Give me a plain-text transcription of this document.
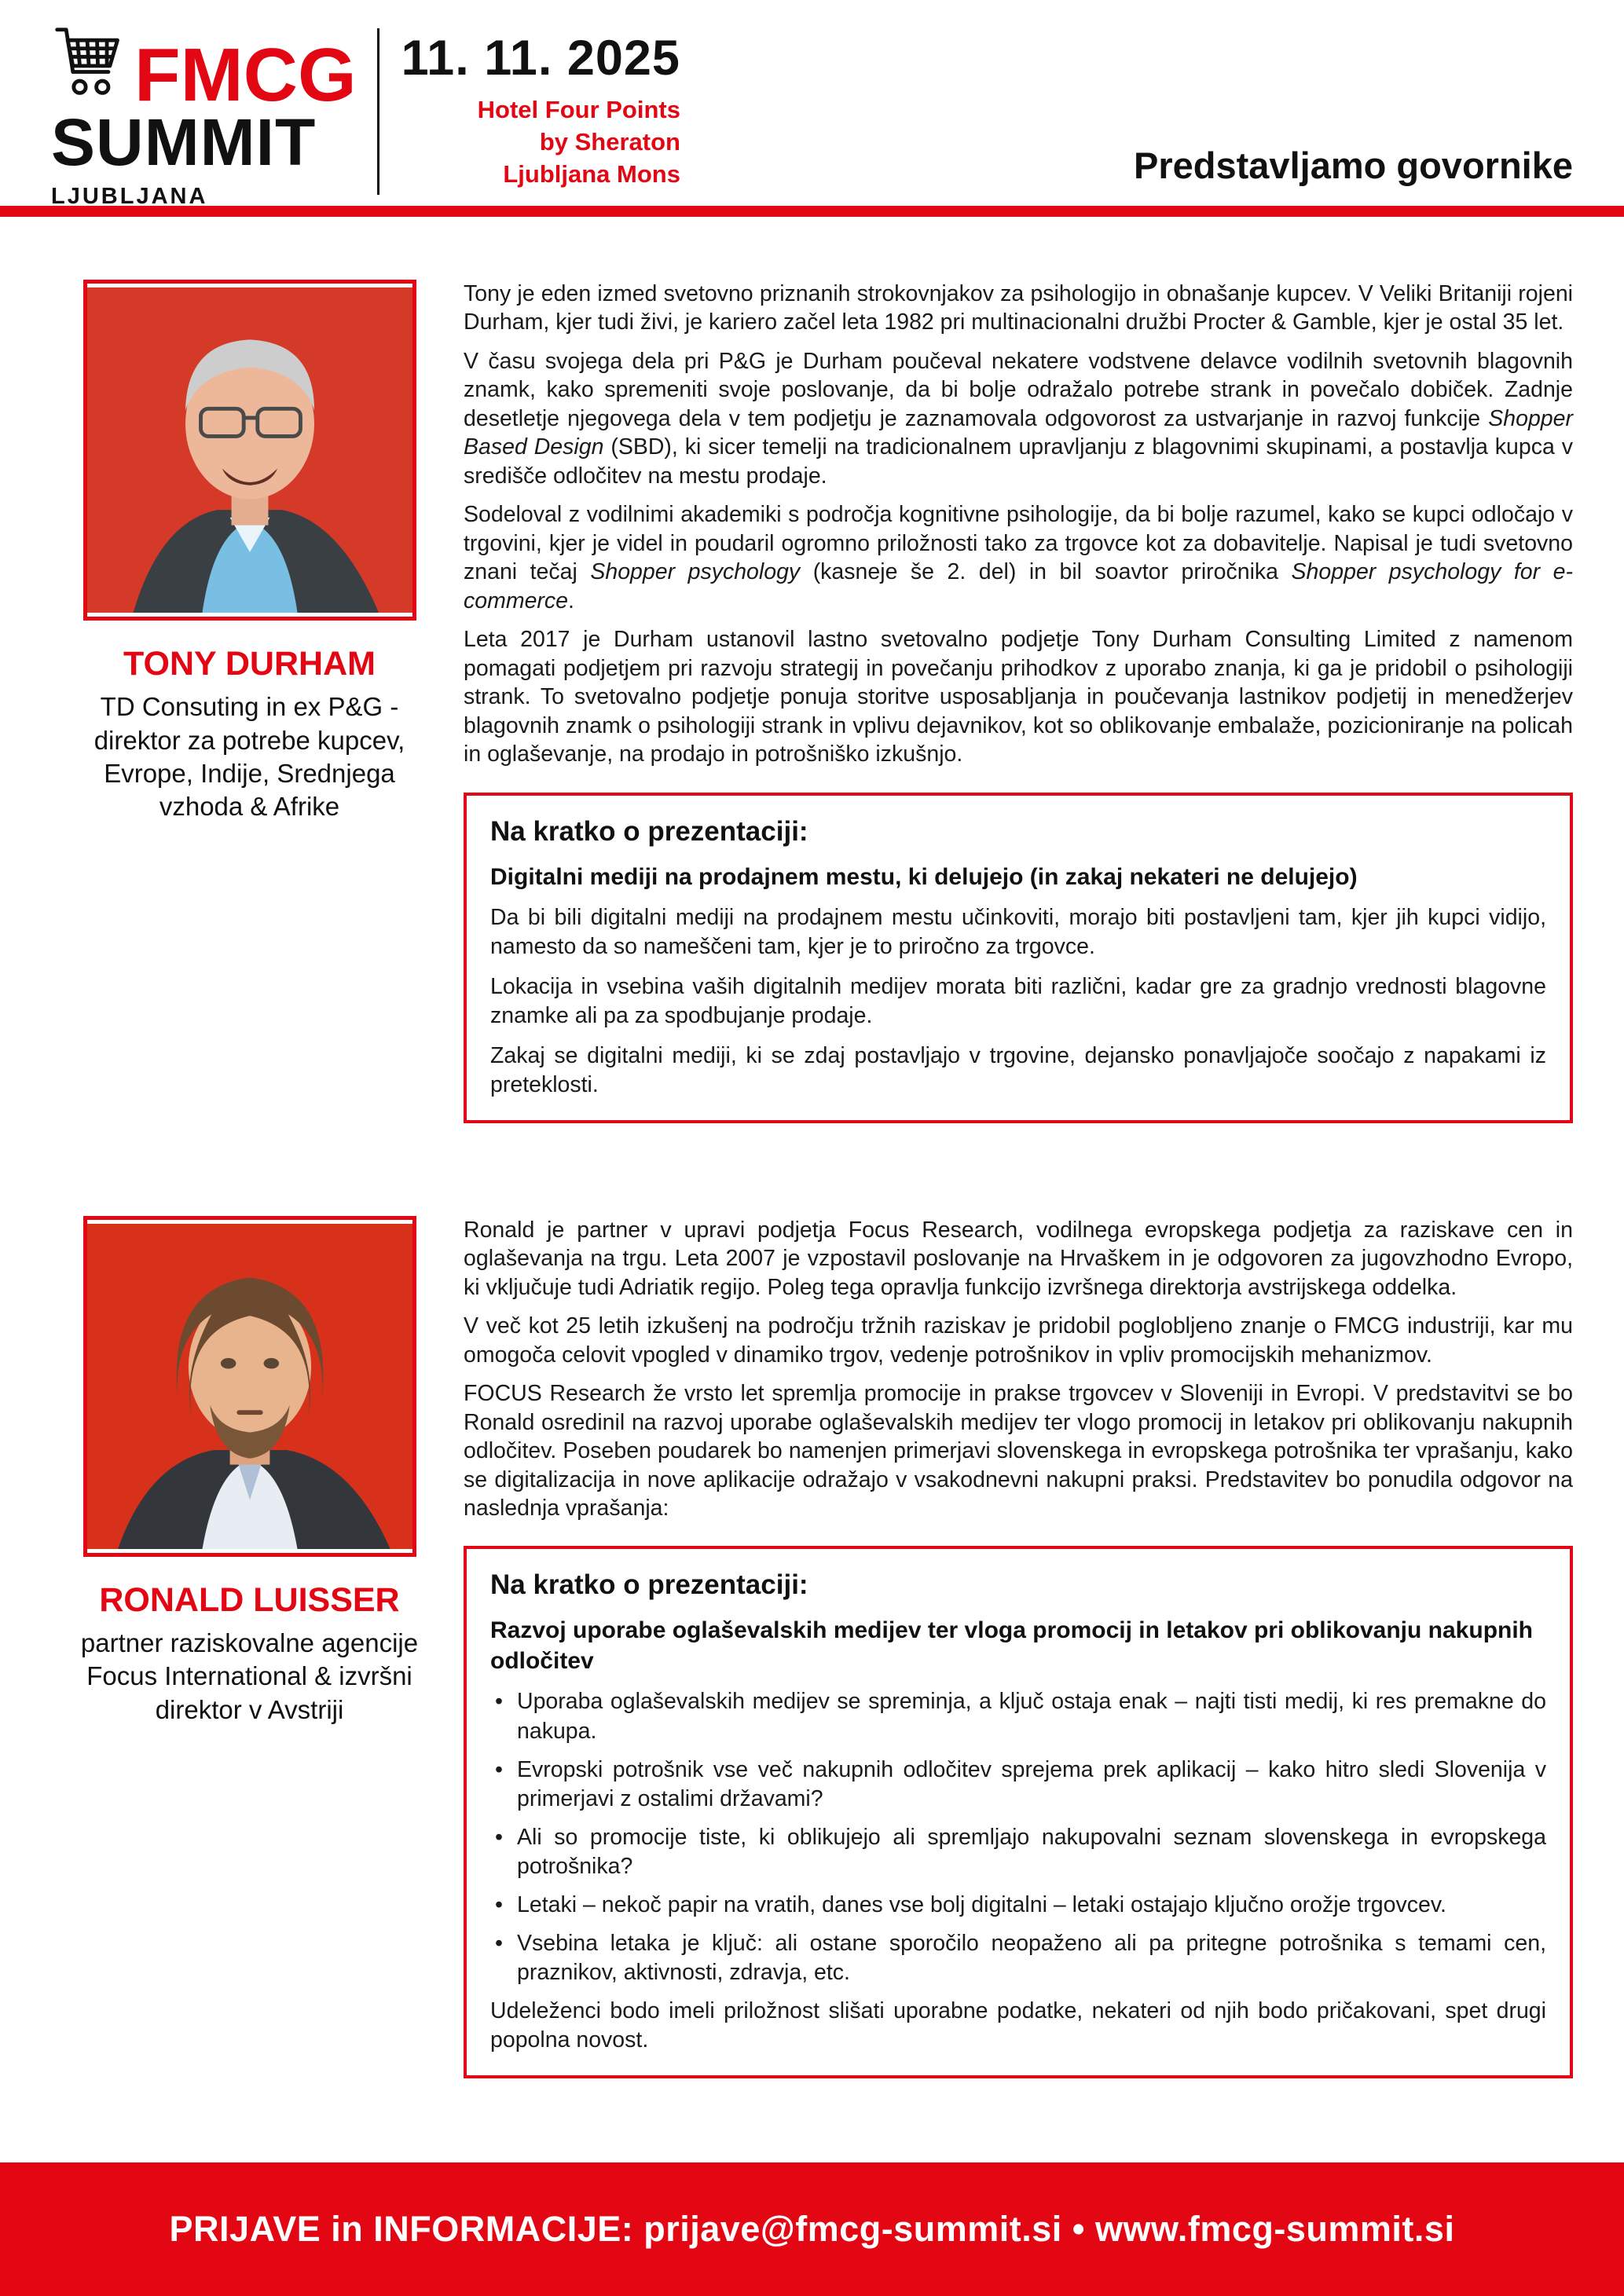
FMCG
SUMMIT
LJUBLJANA
11. 11. 2025
Hotel Four Points
by Sheraton
Ljubljana Mons	Predstavljamo govornike
TONY DURHAM
TD Consuting in ex P&G - direktor za potrebe kupcev, Evrope, Indije, Srednjega vzhoda & Afrike

Tony je eden izmed svetovno priznanih strokovnjakov za psihologijo in obnašanje kupcev. V Veliki Britaniji rojeni Durham, kjer tudi živi, je kariero začel leta 1982 pri multinacionalni družbi Procter & Gamble, kjer je ostal 35 let.

V času svojega dela pri P&G je Durham poučeval nekatere vodstvene delavce vodilnih svetovnih blagovnih znamk, kako spremeniti svoje poslovanje, da bi bolje odražalo potrebe strank in povečalo dobiček. Zadnje desetletje njegovega dela v tem podjetju je zaznamovala odgovorost za ustvarjanje in razvoj funkcije Shopper Based Design (SBD), ki sicer temelji na tradicionalnem upravljanju z blagovnimi skupinami, a postavlja kupca v središče odločitev na mestu prodaje.

Sodeloval z vodilnimi akademiki s področja kognitivne psihologije, da bi bolje razumel, kako se kupci odločajo v trgovini, kjer je videl in poudaril ogromno priložnosti tako za trgovce kot za dobavitelje. Napisal je tudi svetovno znani tečaj Shopper psychology (kasneje še 2. del) in bil soavtor priročnika Shopper psychology for e-commerce.

Leta 2017 je Durham ustanovil lastno svetovalno podjetje Tony Durham Consulting Limited z namenom pomagati podjetjem pri razvoju strategij in povečanju prihodkov z uporabo znanja, ki ga je pridobil o psihologiji strank. To svetovalno podjetje ponuja storitve usposabljanja in poučevanja lastnikov podjetij in menedžerjev blagovnih znamk o psihologiji strank in vplivu dejavnikov, kot so oblikovanje embalaže, pozicioniranje na policah in oglaševanje, na prodajo in potrošniško izkušnjo.

Na kratko o prezentaciji:
Digitalni mediji na prodajnem mestu, ki delujejo (in zakaj nekateri ne delujejo)

Da bi bili digitalni mediji na prodajnem mestu učinkoviti, morajo biti postavljeni tam, kjer jih kupci vidijo, namesto da so nameščeni tam, kjer je to priročno za trgovce.

Lokacija in vsebina vaših digitalnih medijev morata biti različni, kadar gre za gradnjo vrednosti blagovne znamke ali pa za spodbujanje prodaje.

Zakaj se digitalni mediji, ki se zdaj postavljajo v trgovine, dejansko ponavljajoče soočajo z napakami iz preteklosti.

RONALD LUISSER
partner raziskovalne agencije Focus International & izvršni direktor v Avstriji

Ronald je partner v upravi podjetja Focus Research, vodilnega evropskega podjetja za raziskave cen in oglaševanja na trgu. Leta 2007 je vzpostavil poslovanje na Hrvaškem in je odgovoren za jugovzhodno Evropo, ki vključuje tudi Adriatik regijo. Poleg tega opravlja funkcijo izvršnega direktorja avstrijskega oddelka.

V več kot 25 letih izkušenj na področju tržnih raziskav je pridobil poglobljeno znanje o FMCG industriji, kar mu omogoča celovit vpogled v dinamiko trgov, vedenje potrošnikov in vpliv promocijskih mehanizmov.

FOCUS Research že vrsto let spremlja promocije in prakse trgovcev v Sloveniji in Evropi. V predstavitvi se bo Ronald osredinil na razvoj uporabe oglaševalskih medijev ter vlogo promocij in letakov pri oblikovanju nakupnih odločitev. Poseben poudarek bo namenjen primerjavi slovenskega in evropskega potrošnika ter vprašanju, kako se digitalizacija in nove aplikacije odražajo v vsakodnevni nakupni praksi. Predstavitev bo ponudila odgovor na naslednja vprašanja:

Na kratko o prezentaciji:
Razvoj uporabe oglaševalskih medijev ter vloga promocij in letakov pri oblikovanju nakupnih odločitev
• Uporaba oglaševalskih medijev se spreminja, a ključ ostaja enak – najti tisti medij, ki res premakne do nakupa.
• Evropski potrošnik vse več nakupnih odločitev sprejema prek aplikacij – kako hitro sledi Slovenija v primerjavi z ostalimi državami?
• Ali so promocije tiste, ki oblikujejo ali spremljajo nakupovalni seznam slovenskega in evropskega potrošnika?
• Letaki – nekoč papir na vratih, danes vse bolj digitalni – letaki ostajajo ključno orožje trgovcev.
• Vsebina letaka je ključ: ali ostane sporočilo neopaženo ali pa pritegne potrošnika s temami cen, praznikov, aktivnosti, zdravja, etc.

Udeleženci bodo imeli priložnost slišati uporabne podatke, nekateri od njih bodo pričakovani, spet drugi popolna novost.

PRIJAVE in INFORMACIJE: prijave@fmcg-summit.si • www.fmcg-summit.si
